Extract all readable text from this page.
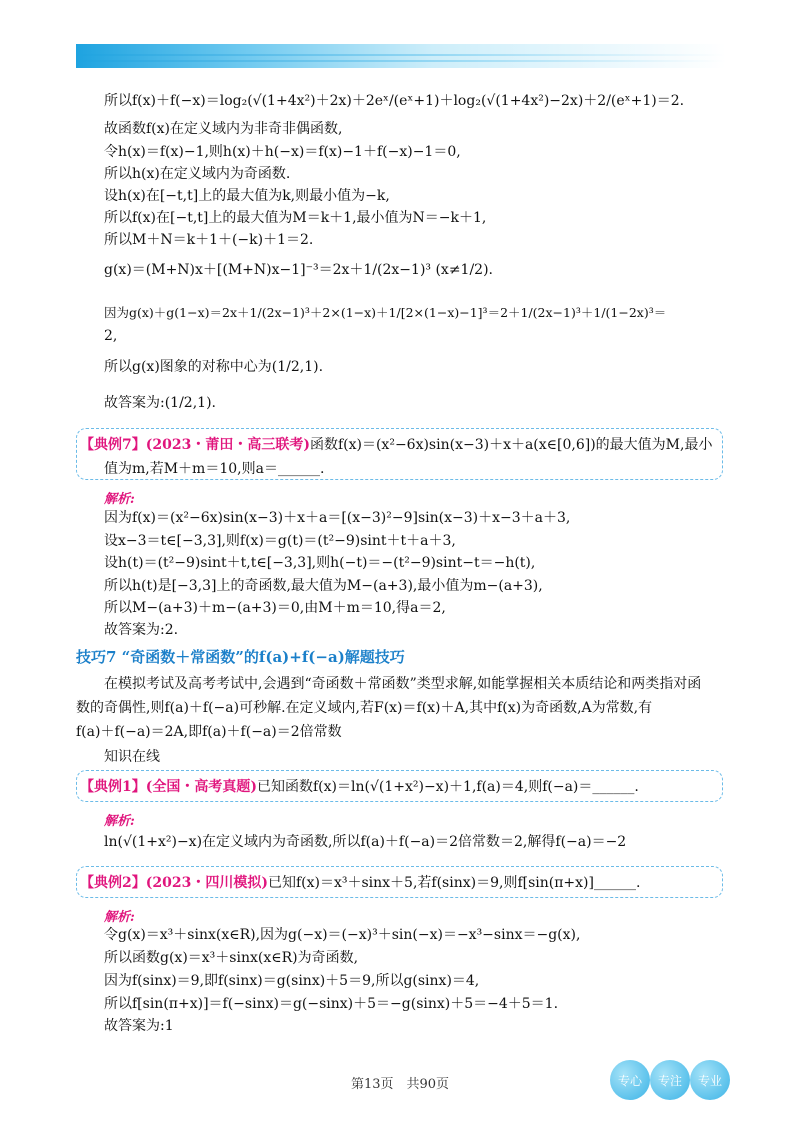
所以f(x)＋f(−x)＝log₂(√(1+4x²)＋2x)＋2eˣ/(eˣ+1)＋log₂(√(1+4x²)−2x)＋2/(eˣ+1)＝2.
故函数f(x)在定义域内为非奇非偶函数,
令h(x)＝f(x)−1,则h(x)＋h(−x)＝f(x)−1＋f(−x)−1＝0,
所以h(x)在定义域内为奇函数.
设h(x)在[−t,t]上的最大值为k,则最小值为−k,
所以f(x)在[−t,t]上的最大值为M＝k＋1,最小值为N＝−k＋1,
所以M＋N＝k＋1＋(−k)＋1＝2.
g(x)＝(M+N)x＋[(M+N)x−1]⁻³＝2x＋1/(2x−1)³ (x≠1/2).
因为g(x)＋g(1−x)＝2x＋1/(2x−1)³＋2×(1−x)＋1/[2×(1−x)−1]³＝2＋1/(2x−1)³＋1/(1−2x)³＝
2,
所以g(x)图象的对称中心为(1/2,1).
故答案为:(1/2,1).
【典例7】(2023・莆田・高三联考)函数f(x)＝(x²−6x)sin(x−3)＋x＋a(x∈[0,6])的最大值为M,最小
值为m,若M＋m＝10,则a＝______.
解析:
因为f(x)＝(x²−6x)sin(x−3)＋x＋a＝[(x−3)²−9]sin(x−3)＋x−3＋a＋3,
设x−3＝t∈[−3,3],则f(x)＝g(t)＝(t²−9)sint＋t＋a＋3,
设h(t)＝(t²−9)sint＋t,t∈[−3,3],则h(−t)＝−(t²−9)sint−t＝−h(t),
所以h(t)是[−3,3]上的奇函数,最大值为M−(a+3),最小值为m−(a+3),
所以M−(a+3)＋m−(a+3)＝0,由M＋m＝10,得a＝2,
故答案为:2.
技巧7 “奇函数＋常函数”的f(a)+f(−a)解题技巧
在模拟考试及高考考试中,会遇到“奇函数＋常函数”类型求解,如能掌握相关本质结论和两类指对函
数的奇偶性,则f(a)＋f(−a)可秒解.在定义域内,若F(x)＝f(x)＋A,其中f(x)为奇函数,A为常数,有
f(a)＋f(−a)＝2A,即f(a)＋f(−a)＝2倍常数
知识在线
【典例1】(全国・高考真题)已知函数f(x)＝ln(√(1+x²)−x)＋1,f(a)＝4,则f(−a)＝______.
解析:
ln(√(1+x²)−x)在定义域内为奇函数,所以f(a)＋f(−a)＝2倍常数＝2,解得f(−a)＝−2
【典例2】(2023・四川模拟)已知f(x)＝x³＋sinx＋5,若f(sinx)＝9,则f[sin(π+x)]______.
解析:
令g(x)＝x³＋sinx(x∈R),因为g(−x)＝(−x)³＋sin(−x)＝−x³−sinx＝−g(x),
所以函数g(x)＝x³＋sinx(x∈R)为奇函数,
因为f(sinx)＝9,即f(sinx)＝g(sinx)＋5＝9,所以g(sinx)＝4,
所以f[sin(π+x)]＝f(−sinx)＝g(−sinx)＋5＝−g(sinx)＋5＝−4＋5＝1.
故答案为:1
第13页　共90页	专心	专注	专业
